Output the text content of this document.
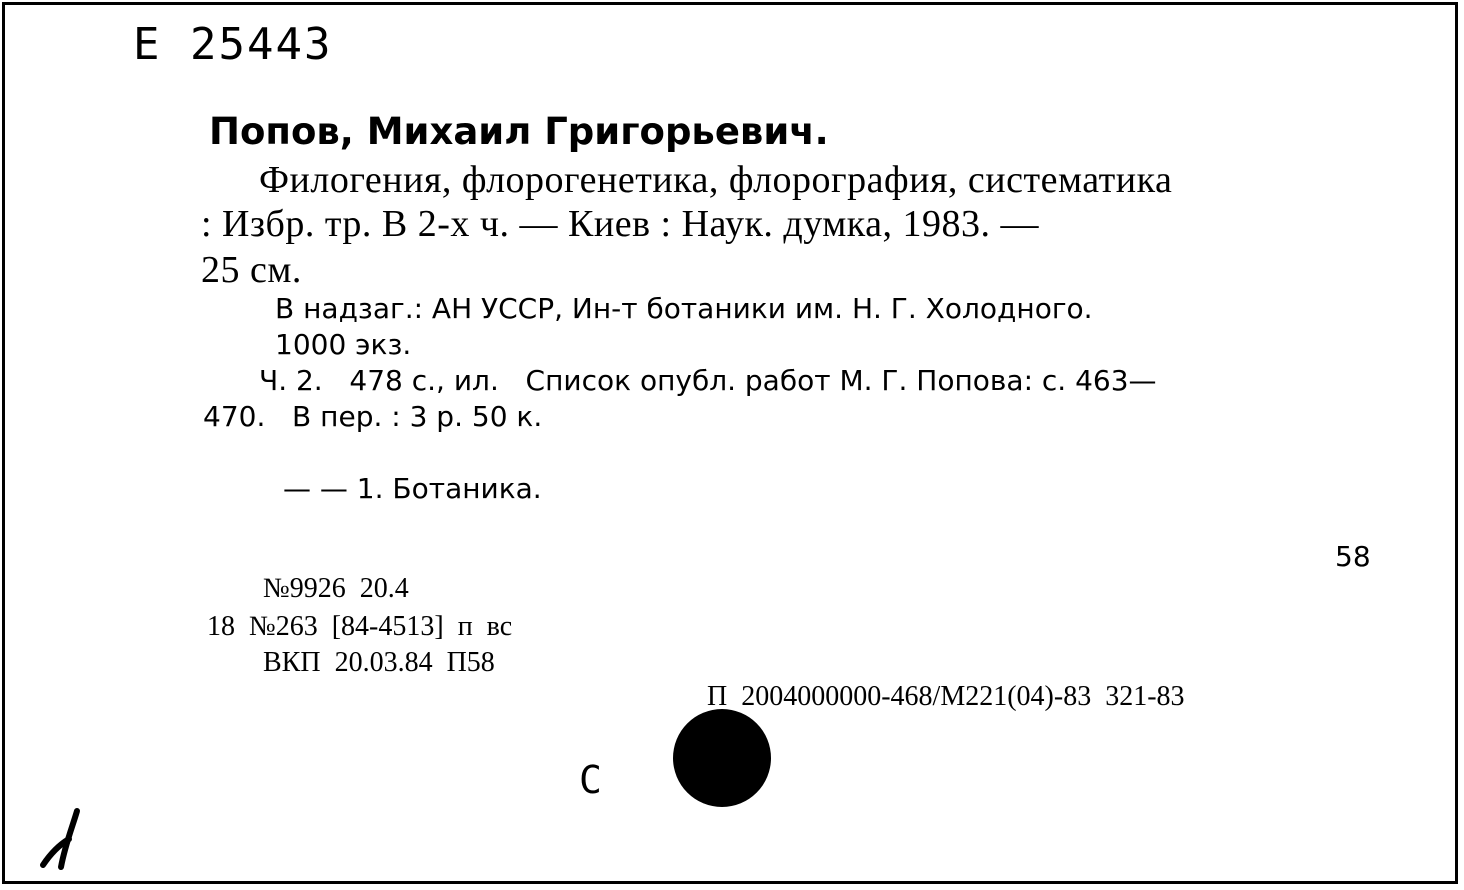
Е 25443
Попов, Михаил Григорьевич.
Филогения, флорогенетика, флорография, систематика
: Избр. тр. В 2-х ч. — Киев : Наук. думка, 1983. —
25 см.
В надзаг.: АН УССР, Ин-т ботаники им. Н. Г. Холодного.
1000 экз.
Ч. 2.   478 с., ил.   Список опубл. работ М. Г. Попова: с. 463—
470.   В пер. : 3 р. 50 к.
— — 1. Ботаника.
58
№9926  20.4
18  №263  [84-4513]  п  вс
ВКП  20.03.84  П58
П  2004000000-468/М221(04)-83  321-83
С
